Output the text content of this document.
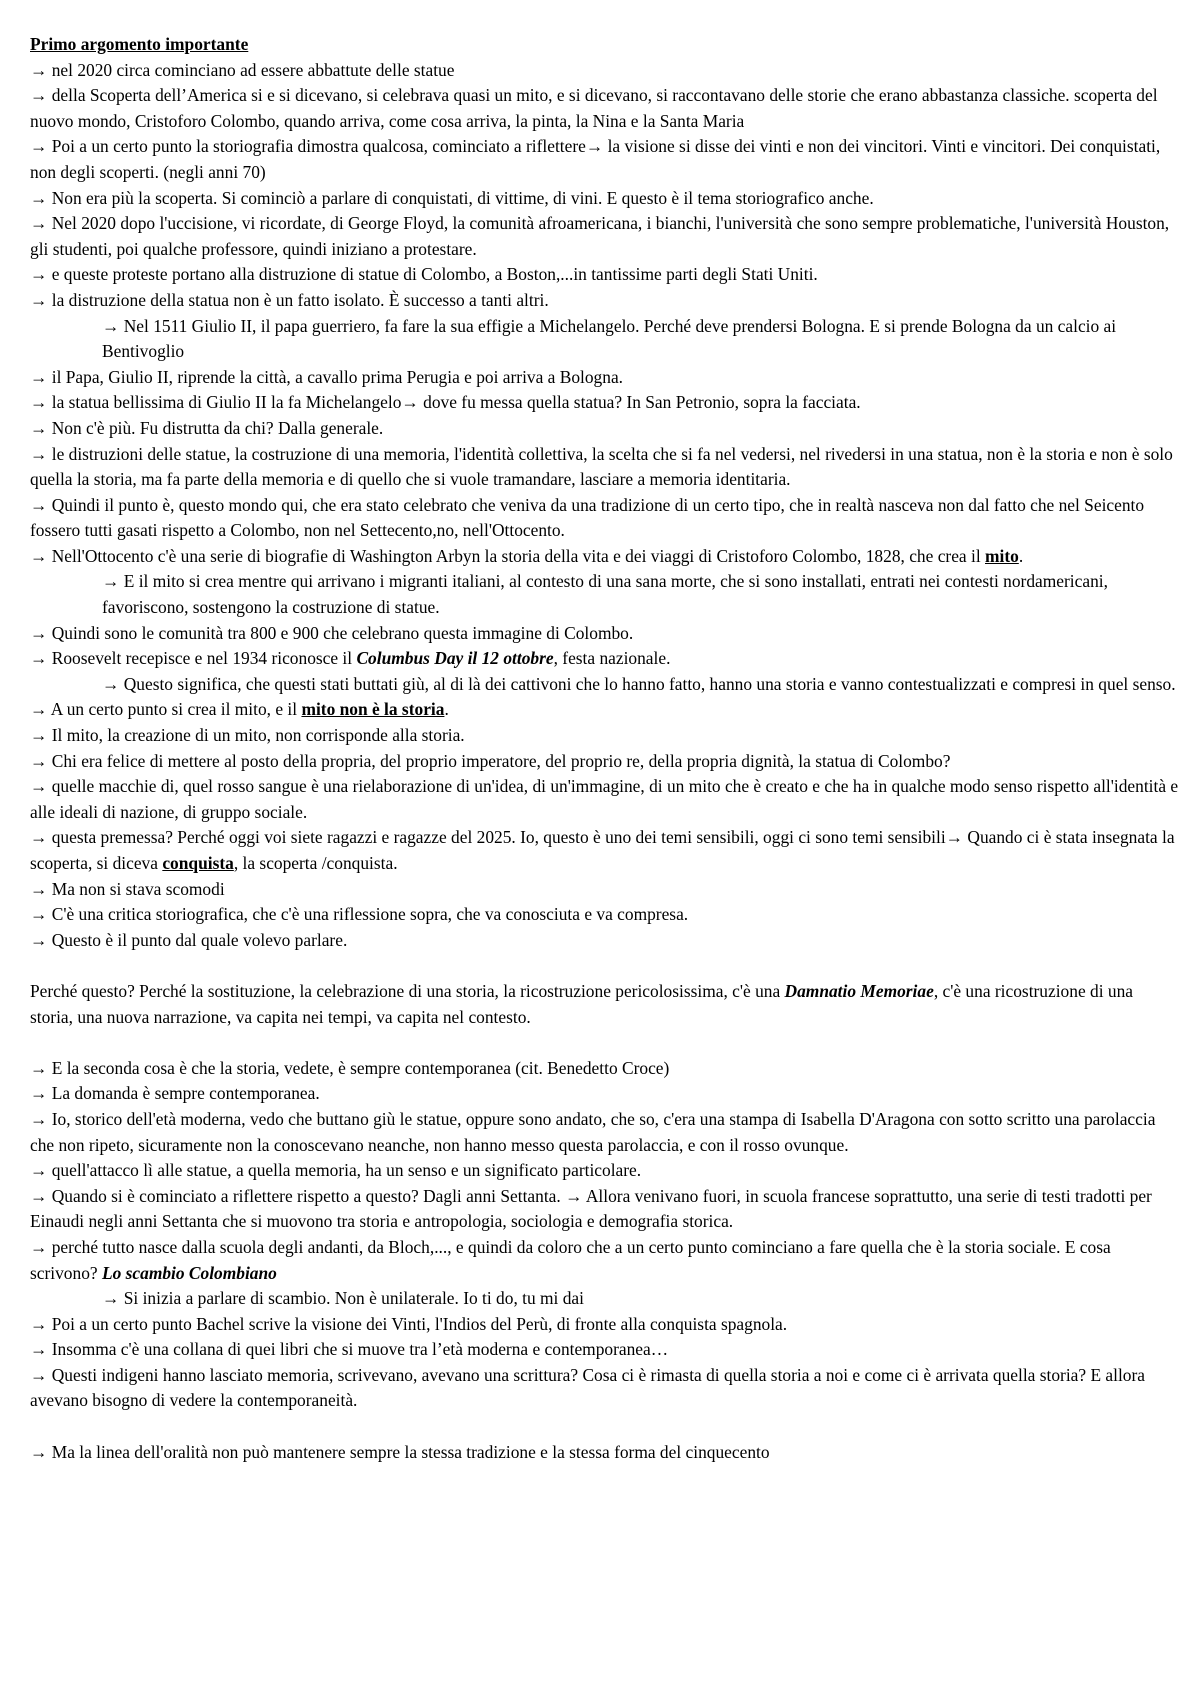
Primo argomento importante

→ nel 2020 circa cominciano ad essere abbattute delle statue

→ della Scoperta dell’America si e si dicevano, si celebrava quasi un mito, e si dicevano, si raccontavano delle storie che erano abbastanza classiche. scoperta del nuovo mondo, Cristoforo Colombo, quando arriva, come cosa arriva, la pinta, la Nina e la Santa Maria

→ Poi a un certo punto la storiografia dimostra qualcosa, cominciato a riflettere→ la visione si disse dei vinti e non dei vincitori. Vinti e vincitori. Dei conquistati, non degli scoperti. (negli anni 70)

→ Non era più la scoperta. Si cominciò a parlare di conquistati, di vittime, di vini. E questo è il tema storiografico anche.

→ Nel 2020 dopo l'uccisione, vi ricordate, di George Floyd, la comunità afroamericana, i bianchi, l'università che sono sempre problematiche, l'università Houston, gli studenti, poi qualche professore, quindi iniziano a protestare.

→ e queste proteste portano alla distruzione di statue di Colombo, a Boston,...in tantissime parti degli Stati Uniti.

→ la distruzione della statua non è un fatto isolato. È successo a tanti altri.

→ Nel 1511 Giulio II, il papa guerriero, fa fare la sua effigie a Michelangelo. Perché deve prendersi Bologna. E si prende Bologna da un calcio ai Bentivoglio

→ il Papa, Giulio II, riprende la città, a cavallo prima Perugia e poi arriva a Bologna.

→ la statua bellissima di Giulio II la fa Michelangelo→ dove fu messa quella statua? In San Petronio, sopra la facciata.

→ Non c'è più. Fu distrutta da chi? Dalla generale.

→ le distruzioni delle statue, la costruzione di una memoria, l'identità collettiva, la scelta che si fa nel vedersi, nel rivedersi in una statua, non è la storia e non è solo quella la storia, ma fa parte della memoria e di quello che si vuole tramandare, lasciare a memoria identitaria.

→ Quindi il punto è, questo mondo qui, che era stato celebrato che veniva da una tradizione di un certo tipo, che in realtà nasceva non dal fatto che nel Seicento fossero tutti gasati rispetto a Colombo, non nel Settecento,no, nell'Ottocento.

→ Nell'Ottocento c'è una serie di biografie di Washington Arbyn la storia della vita e dei viaggi di Cristoforo Colombo, 1828, che crea il mito.

→ E il mito si crea mentre qui arrivano i migranti italiani, al contesto di una sana morte, che si sono installati, entrati nei contesti nordamericani, favoriscono, sostengono la costruzione di statue.

→ Quindi sono le comunità tra 800 e 900 che celebrano questa immagine di Colombo.

→ Roosevelt recepisce e nel 1934 riconosce il Columbus Day il 12 ottobre, festa nazionale.

→ Questo significa, che questi stati buttati giù, al di là dei cattivoni che lo hanno fatto, hanno una storia e vanno contestualizzati e compresi in quel senso.

→ A un certo punto si crea il mito, e il mito non è la storia.

→ Il mito, la creazione di un mito, non corrisponde alla storia.

→ Chi era felice di mettere al posto della propria, del proprio imperatore, del proprio re, della propria dignità, la statua di Colombo?

→ quelle macchie di, quel rosso sangue è una rielaborazione di un'idea, di un'immagine, di un mito che è creato e che ha in qualche modo senso rispetto all'identità e alle ideali di nazione, di gruppo sociale.

→ questa premessa? Perché oggi voi siete ragazzi e ragazze del 2025. Io, questo è uno dei temi sensibili, oggi ci sono temi sensibili→ Quando ci è stata insegnata la scoperta, si diceva conquista, la scoperta /conquista.

→ Ma non si stava scomodi

→ C'è una critica storiografica, che c'è una riflessione sopra, che va conosciuta e va compresa.

→ Questo è il punto dal quale volevo parlare.

Perché questo? Perché la sostituzione, la celebrazione di una storia, la ricostruzione pericolosissima, c'è una Damnatio Memoriae, c'è una ricostruzione di una storia, una nuova narrazione, va capita nei tempi, va capita nel contesto.

→ E la seconda cosa è che la storia, vedete, è sempre contemporanea (cit. Benedetto Croce)

→ La domanda è sempre contemporanea.

→ Io, storico dell'età moderna, vedo che buttano giù le statue, oppure sono andato, che so, c'era una stampa di Isabella D'Aragona con sotto scritto una parolaccia che non ripeto, sicuramente non la conoscevano neanche, non hanno messo questa parolaccia, e con il rosso ovunque.

→ quell'attacco lì alle statue, a quella memoria, ha un senso e un significato particolare.

→ Quando si è cominciato a riflettere rispetto a questo? Dagli anni Settanta. → Allora venivano fuori, in scuola francese soprattutto, una serie di testi tradotti per Einaudi negli anni Settanta che si muovono tra storia e antropologia, sociologia e demografia storica.

→ perché tutto nasce dalla scuola degli andanti, da Bloch,..., e quindi da coloro che a un certo punto cominciano a fare quella che è la storia sociale. E cosa scrivono? Lo scambio Colombiano

→ Si inizia a parlare di scambio. Non è unilaterale. Io ti do, tu mi dai

→ Poi a un certo punto Bachel scrive la visione dei Vinti, l'Indios del Perù, di fronte alla conquista spagnola.

→ Insomma c'è una collana di quei libri che si muove tra l’età moderna e contemporanea…

→ Questi indigeni hanno lasciato memoria, scrivevano, avevano una scrittura? Cosa ci è rimasta di quella storia a noi e come ci è arrivata quella storia? E allora avevano bisogno di vedere la contemporaneità.

→ Ma la linea dell'oralità non può mantenere sempre la stessa tradizione e la stessa forma del cinquecento
